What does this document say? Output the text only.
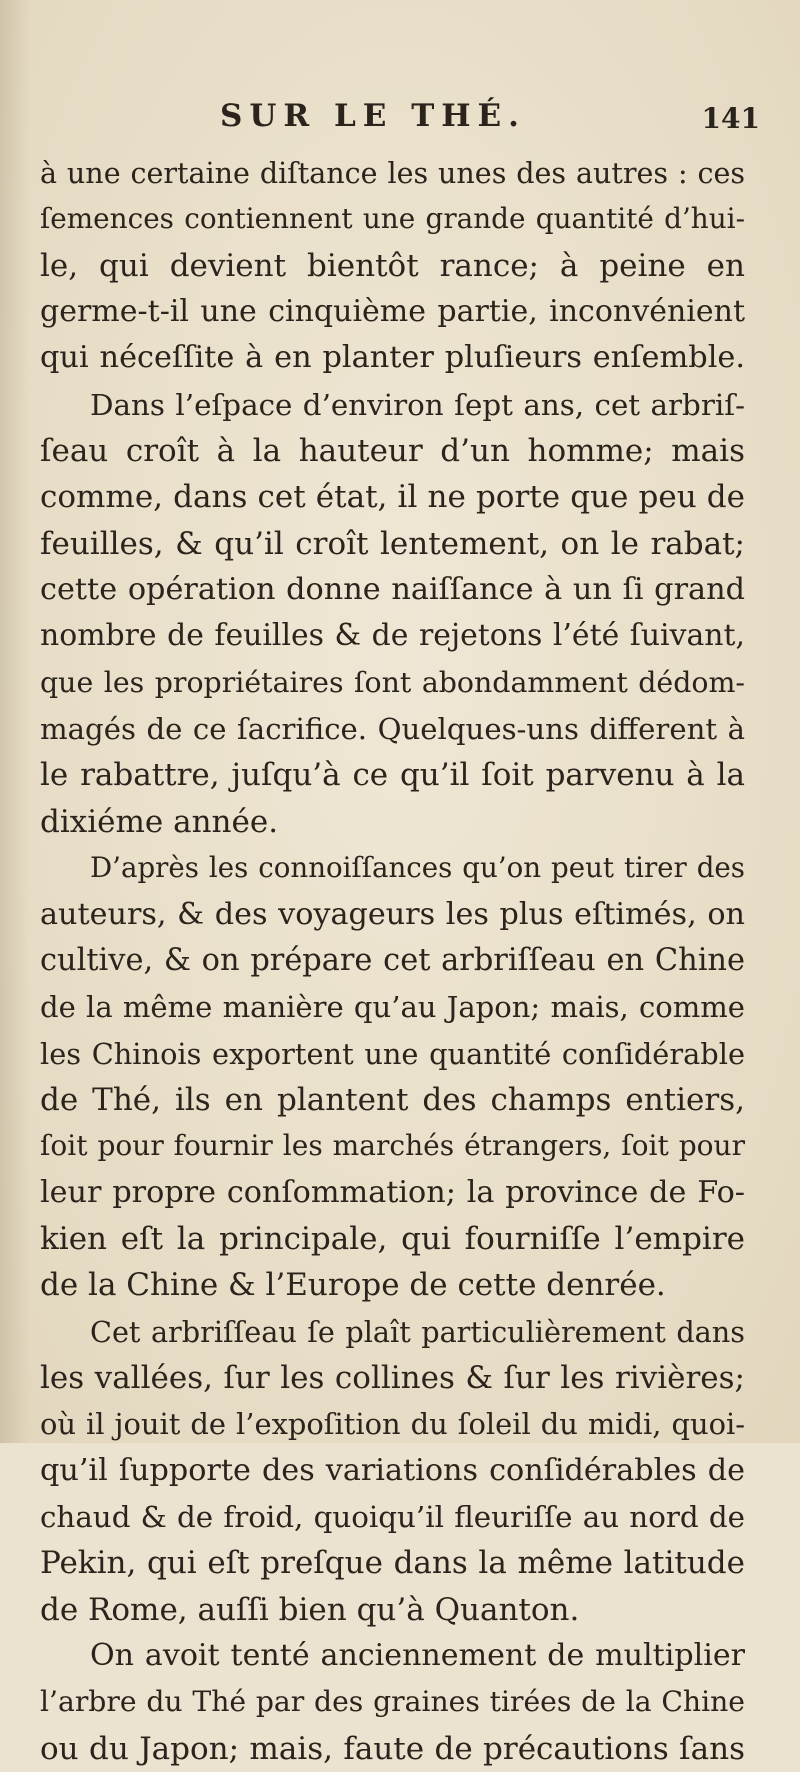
SUR LE THÉ.	141
à une certaine diſtance les unes des autres : ces
ſemences contiennent une grande quantité d’hui-
le, qui devient bientôt rance; à peine en
germe-t-il une cinquième partie, inconvénient
qui néceſſite à en planter pluſieurs enſemble.
Dans l’eſpace d’environ ſept ans, cet arbriſ-
ſeau croît à la hauteur d’un homme; mais
comme, dans cet état, il ne porte que peu de
feuilles, & qu’il croît lentement, on le rabat;
cette opération donne naiſſance à un ſi grand
nombre de feuilles & de rejetons l’été ſuivant,
que les propriétaires ſont abondamment dédom-
magés de ce ſacrifice. Quelques-uns different à
le rabattre, juſqu’à ce qu’il ſoit parvenu à la
dixiéme année.
D’après les connoiſſances qu’on peut tirer des
auteurs, & des voyageurs les plus eſtimés, on
cultive, & on prépare cet arbriſſeau en Chine
de la même manière qu’au Japon; mais, comme
les Chinois exportent une quantité conſidérable
de Thé, ils en plantent des champs entiers,
ſoit pour fournir les marchés étrangers, ſoit pour
leur propre conſommation; la province de Fo-
kien eſt la principale, qui fourniſſe l’empire
de la Chine & l’Europe de cette denrée.
Cet arbriſſeau ſe plaît particulièrement dans
les vallées, ſur les collines & ſur les rivières;
où il jouit de l’expoſition du ſoleil du midi, quoi-
qu’il ſupporte des variations conſidérables de
chaud & de froid, quoiqu’il fleuriſſe au nord de
Pekin, qui eſt preſque dans la même latitude
de Rome, auſſi bien qu’à Quanton.
On avoit tenté anciennement de multiplier
l’arbre du Thé par des graines tirées de la Chine
ou du Japon; mais, faute de précautions ſans
